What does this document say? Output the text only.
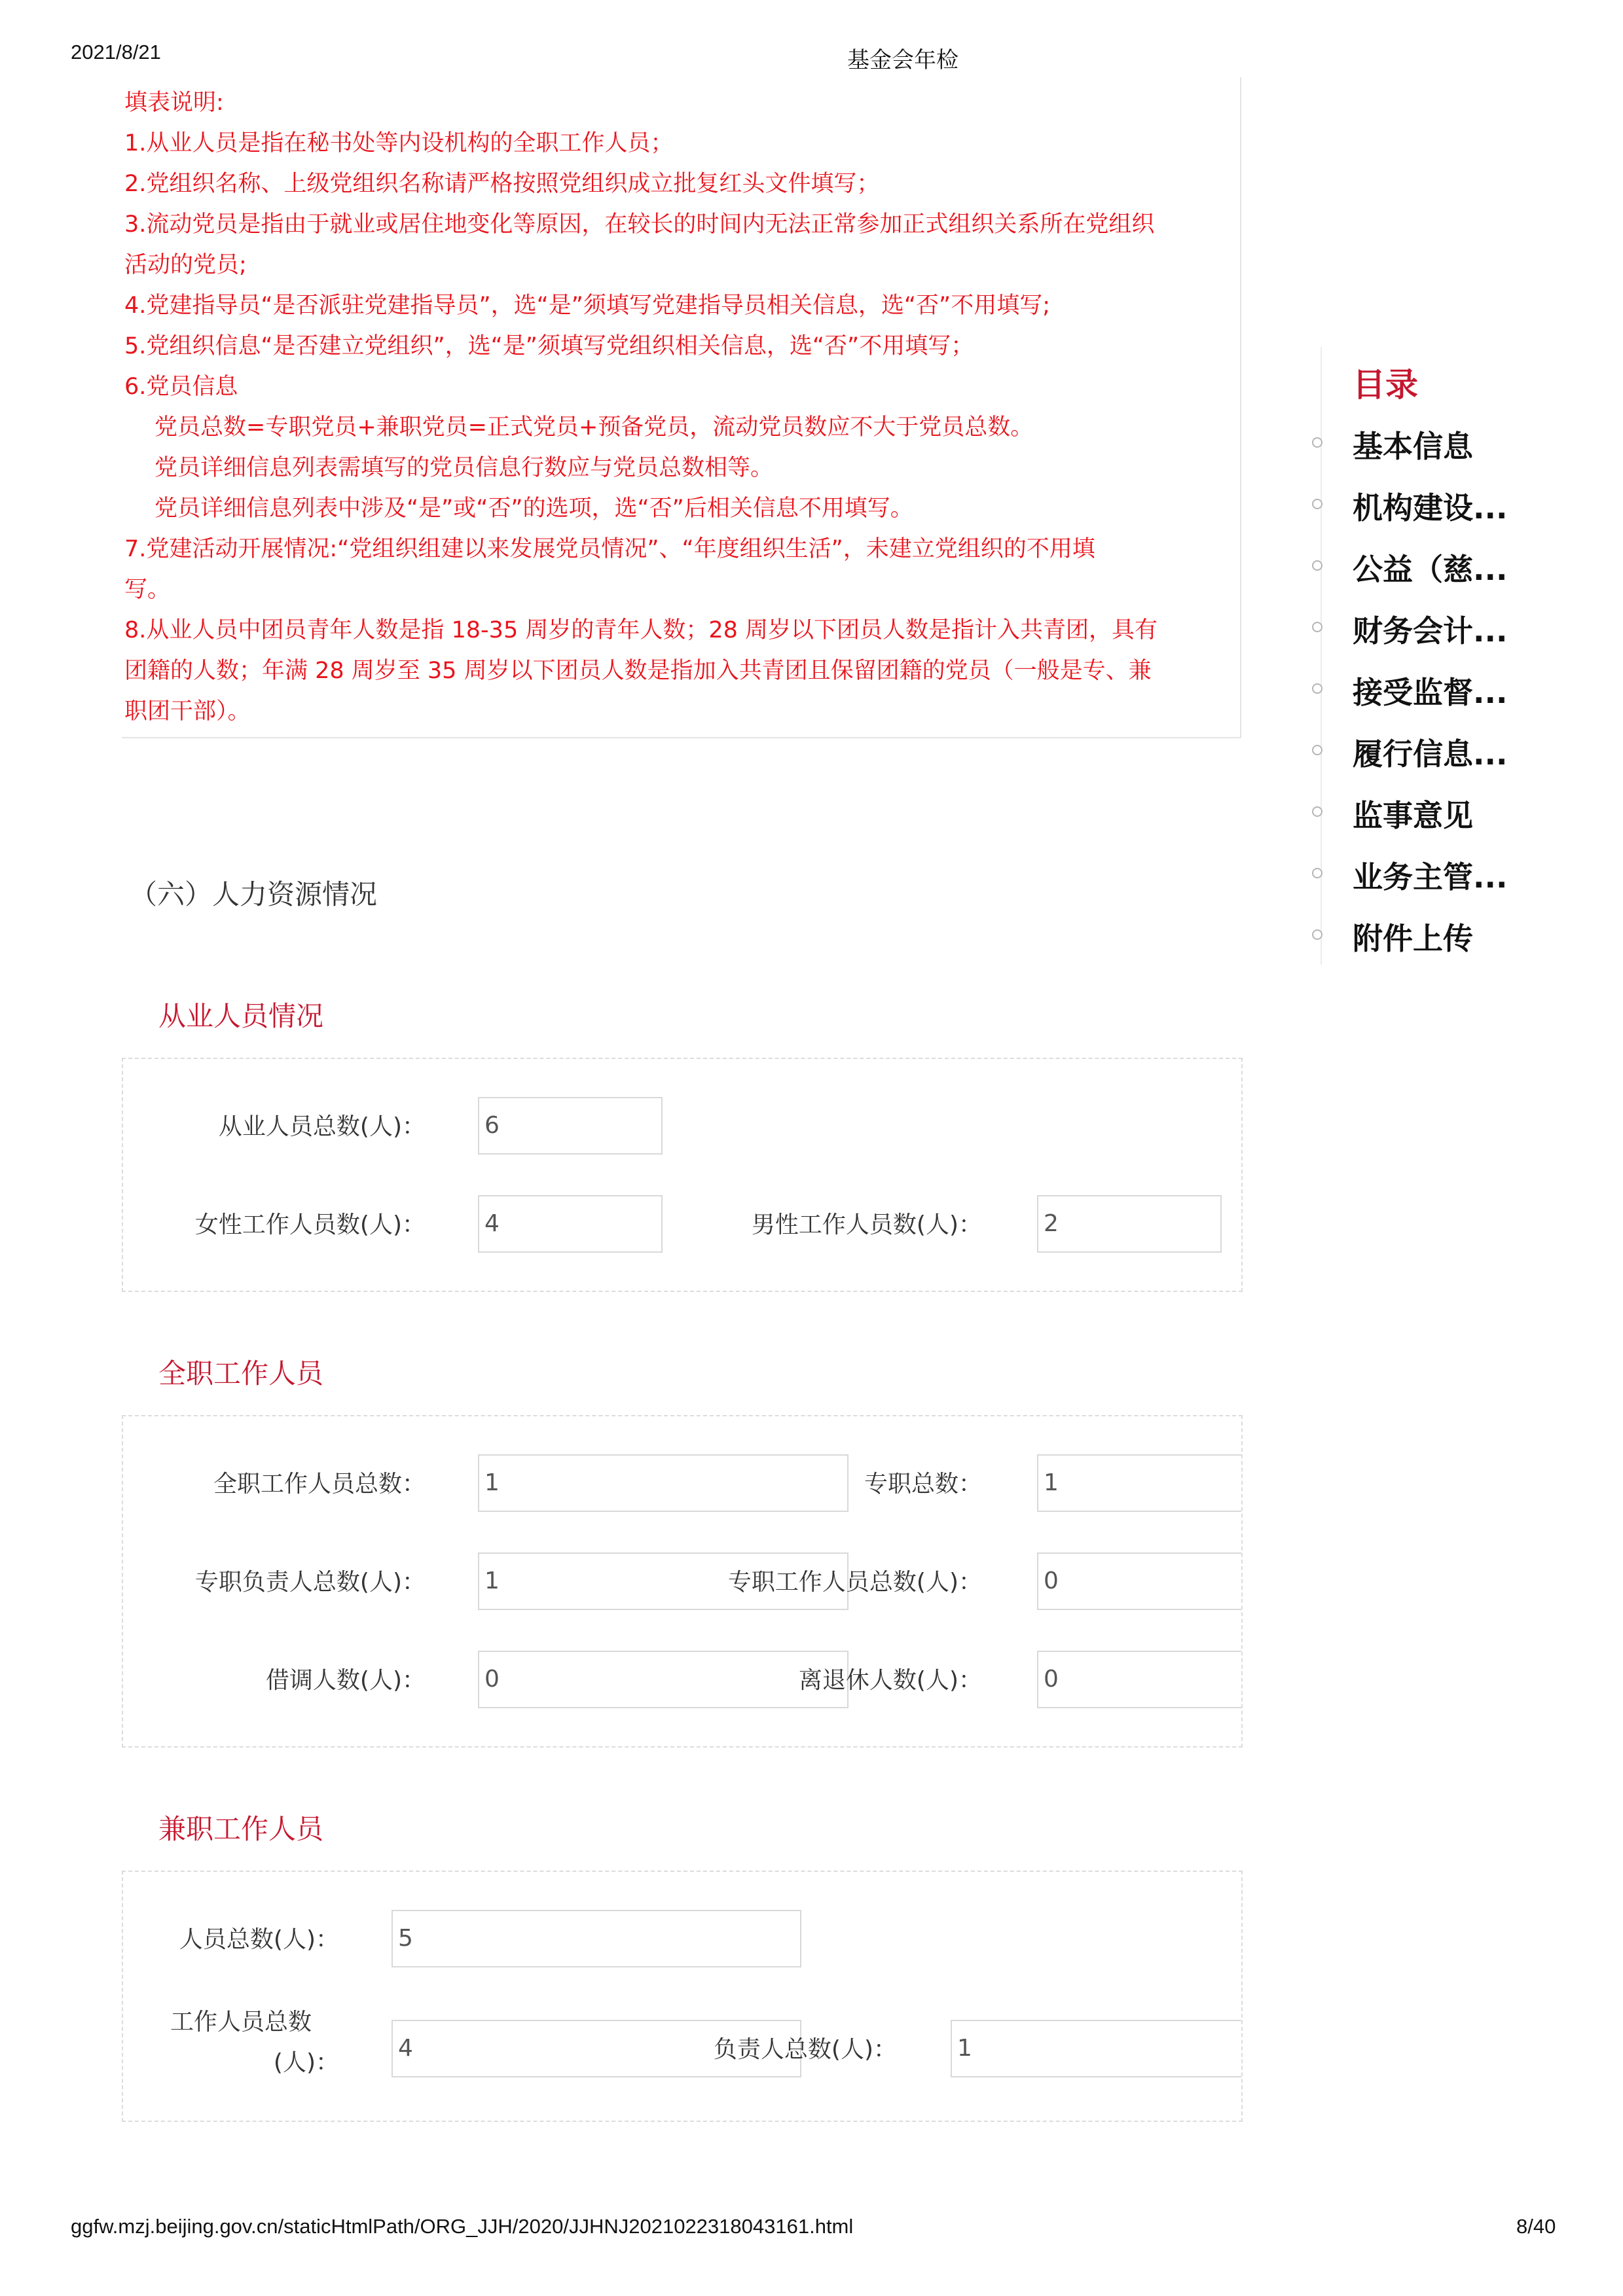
2021/8/21	基金会年检
填表说明:
1.从业人员是指在秘书处等内设机构的全职工作人员；
2.党组织名称、上级党组织名称请严格按照党组织成立批复红头文件填写；
3.流动党员是指由于就业或居住地变化等原因，在较长的时间内无法正常参加正式组织关系所在党组织
活动的党员;
4.党建指导员“是否派驻党建指导员”，选“是”须填写党建指导员相关信息，选“否”不用填写;
5.党组织信息“是否建立党组织”，选“是”须填写党组织相关信息，选“否”不用填写；
6.党员信息
党员总数=专职党员+兼职党员=正式党员+预备党员，流动党员数应不大于党员总数。
党员详细信息列表需填写的党员信息行数应与党员总数相等。
党员详细信息列表中涉及“是”或“否”的选项，选“否”后相关信息不用填写。
7.党建活动开展情况:“党组织组建以来发展党员情况”、“年度组织生活”，未建立党组织的不用填
写。
8.从业人员中团员青年人数是指 18-35 周岁的青年人数；28 周岁以下团员人数是指计入共青团，具有
团籍的人数；年满 28 周岁至 35 周岁以下团员人数是指加入共青团且保留团籍的党员（一般是专、兼
职团干部）。
（六）人力资源情况
从业人员情况
从业人员总数(人)：	6
女性工作人员数(人)：	4	男性工作人员数(人)：	2
全职工作人员
全职工作人员总数：	1	专职总数：	1
专职负责人总数(人)：	1	专职工作人员总数(人)：	0
借调人数(人)：	0	离退休人数(人)：	0
兼职工作人员
人员总数(人)：	5
工作人员总数
(人)：
4	负责人总数(人)：	1
目录
基本信息
机构建设...
公益（慈...
财务会计...
接受监督...
履行信息...
监事意见
业务主管...
附件上传
ggfw.mzj.beijing.gov.cn/staticHtmlPath/ORG_JJH/2020/JJHNJ2021022318043161.html	8/40
